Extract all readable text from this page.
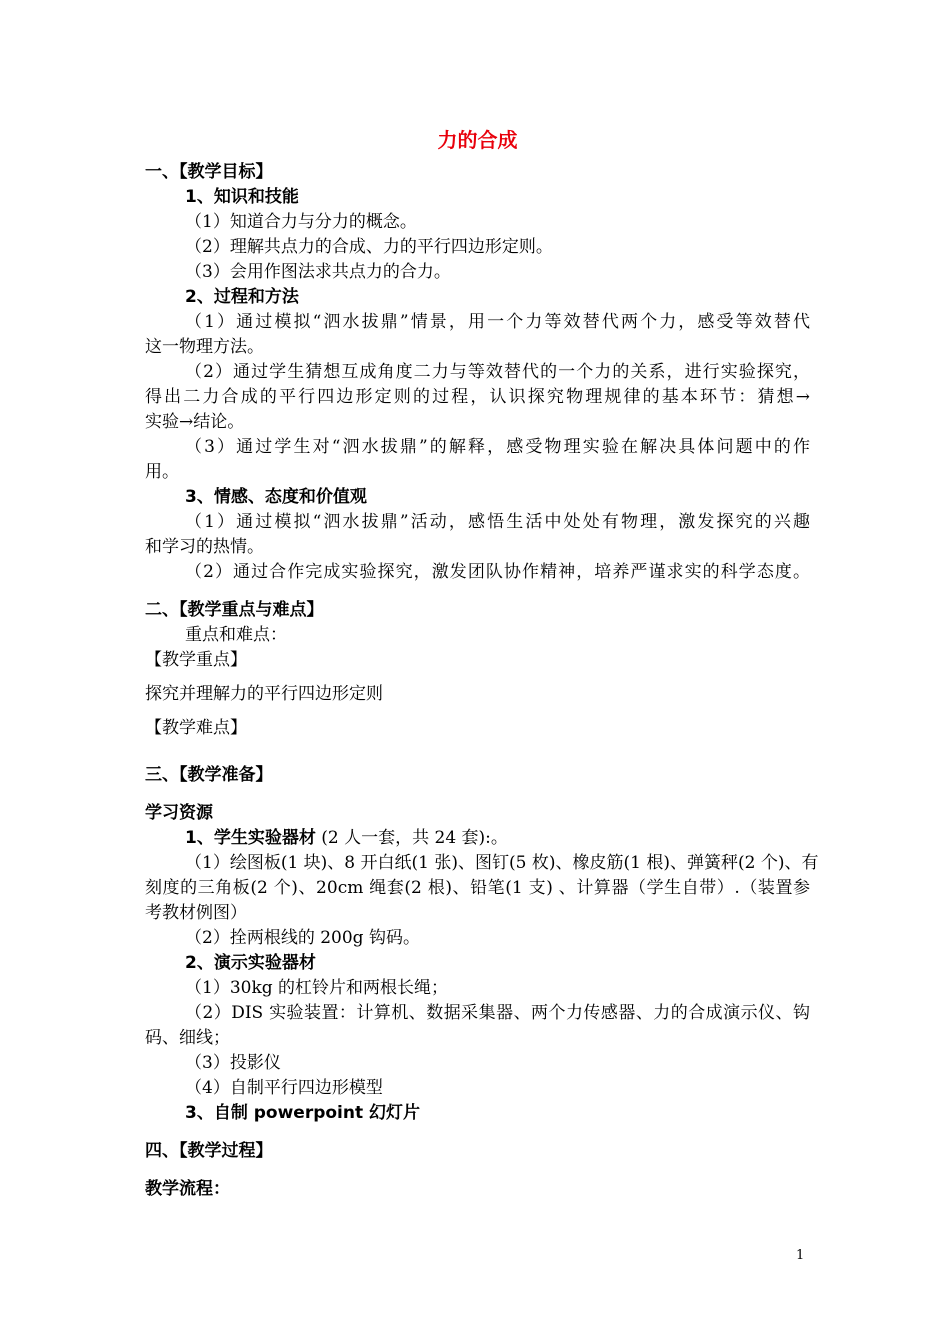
力的合成
一、【教学目标】
1、知识和技能
（1）知道合力与分力的概念。
（2）理解共点力的合成、力的平行四边形定则。
（3）会用作图法求共点力的合力。
2、过程和方法
（1）通过模拟“泗水拔鼎”情景，用一个力等效替代两个力，感受等效替代
这一物理方法。
（2）通过学生猜想互成角度二力与等效替代的一个力的关系，进行实验探究，
得出二力合成的平行四边形定则的过程，认识探究物理规律的基本环节：猜想→
实验→结论。
（3）通过学生对“泗水拔鼎”的解释，感受物理实验在解决具体问题中的作
用。
3、情感、态度和价值观
（1）通过模拟“泗水拔鼎”活动，感悟生活中处处有物理，激发探究的兴趣
和学习的热情。
（2）通过合作完成实验探究，激发团队协作精神，培养严谨求实的科学态度。
二、【教学重点与难点】
重点和难点：
【教学重点】
探究并理解力的平行四边形定则
【教学难点】
三、【教学准备】
学习资源
1、学生实验器材 (2 人一套，共 24 套):。
（1）绘图板(1 块)、8 开白纸(1 张)、图钉(5 枚)、橡皮筋(1 根)、弹簧秤(2 个)、有
刻度的三角板(2 个)、20cm 绳套(2 根)、铅笔(1 支) 、计算器（学生自带）.（装置参
考教材例图）
（2）拴两根线的 200g 钩码。
2、演示实验器材
（1）30kg 的杠铃片和两根长绳；
（2）DIS 实验装置：计算机、数据采集器、两个力传感器、力的合成演示仪、钩
码、细线；
（3）投影仪
（4）自制平行四边形模型
3、自制 powerpoint 幻灯片
四、【教学过程】
教学流程：
1
